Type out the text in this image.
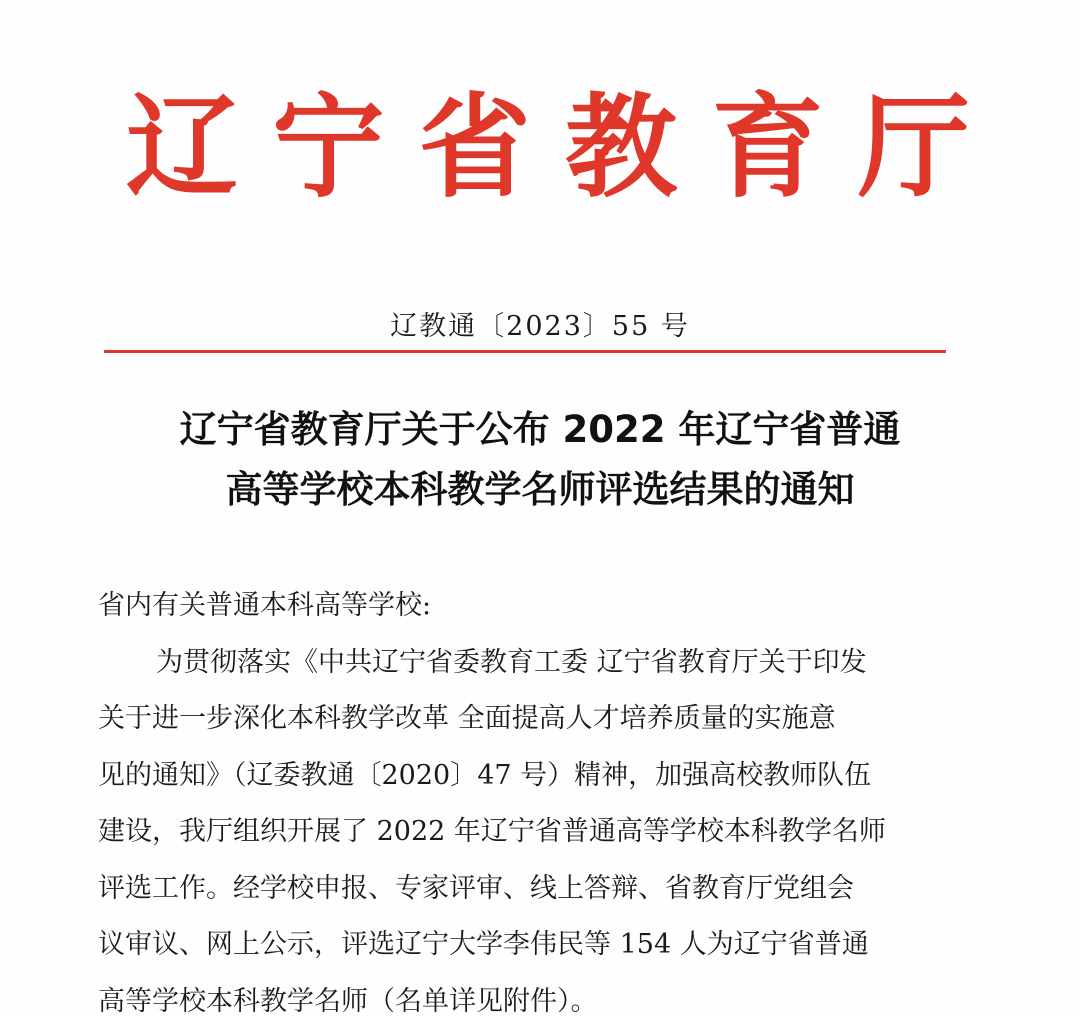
辽 宁 省 教 育 厅
辽教通〔2023〕55 号
辽宁省教育厅关于公布 2022 年辽宁省普通
高等学校本科教学名师评选结果的通知
省内有关普通本科高等学校:
为贯彻落实《中共辽宁省委教育工委 辽宁省教育厅关于印发
关于进一步深化本科教学改革 全面提高人才培养质量的实施意
见的通知》（辽委教通〔2020〕47 号）精神，加强高校教师队伍
建设，我厅组织开展了 2022 年辽宁省普通高等学校本科教学名师
评选工作。经学校申报、专家评审、线上答辩、省教育厅党组会
议审议、网上公示，评选辽宁大学李伟民等 154 人为辽宁省普通
高等学校本科教学名师（名单详见附件）。
